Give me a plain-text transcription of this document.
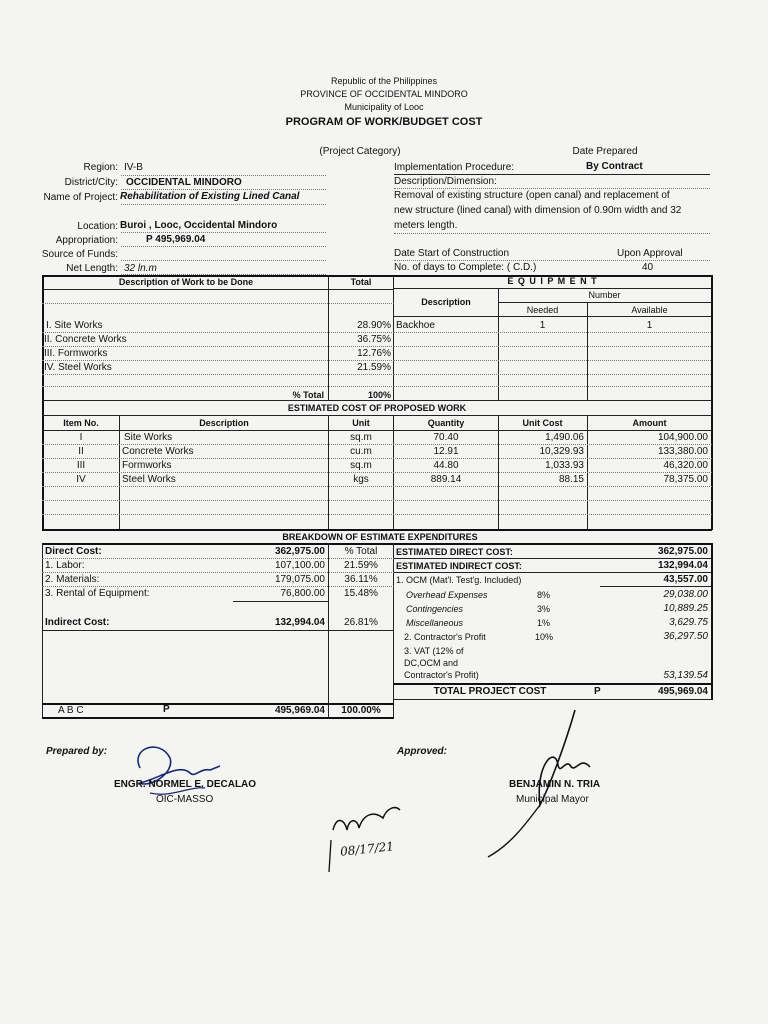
Republic of the Philippines
PROVINCE OF OCCIDENTAL MINDORO
Municipality of Looc
PROGRAM OF WORK/BUDGET COST
(Project Category)	Date Prepared
Region: IV-B
District/City: OCCIDENTAL MINDORO
Name of Project: Rehabilitation of Existing Lined Canal
Location: Buroi , Looc, Occidental Mindoro
Appropriation:	P 495,969.04
Source of Funds:
Net Length: 32 ln.m
Implementation Procedure:	By Contract
Description/Dimension:
Removal of existing structure (open canal) and replacement of
new structure (lined canal) with dimension of 0.90m width and 32
meters length.
Date Start of Construction	Upon Approval
No. of days to Complete: ( C.D.)	40
Description of Work to be Done	Total
I. Site Works	28.90%
II. Concrete Works	36.75%
III. Formworks	12.76%
IV. Steel Works	21.59%
% Total	100%
E Q U I P M E N T
Number
Description
Needed	Available
Backhoe	1	1
ESTIMATED COST OF PROPOSED WORK
Item No.	Description	Unit	Quantity	Unit Cost	Amount
I	Site Works	sq.m	70.40	1,490.06	104,900.00
II	Concrete Works	cu.m	12.91	10,329.93	133,380.00
III	Formworks	sq.m	44.80	1,033.93	46,320.00
IV	Steel Works	kgs	889.14	88.15	78,375.00
BREAKDOWN OF ESTIMATE EXPENDITURES
Direct Cost:	362,975.00	% Total
1. Labor:	107,100.00	21.59%
2. Materials:	179,075.00	36.11%
3. Rental of Equipment:	76,800.00	15.48%
Indirect Cost:	132,994.04	26.81%
ESTIMATED DIRECT COST:	362,975.00
ESTIMATED INDIRECT COST:	132,994.04
1. OCM (Mat'l. Test'g. Included)	43,557.00
Overhead Expenses	8%	29,038.00
Contingencies	3%	10,889.25
Miscellaneous	1%	3,629.75
2. Contractor's Profit	10%	36,297.50
3. VAT (12% of
DC,OCM and
Contractor's Profit)	53,139.54
TOTAL PROJECT COST	P	495,969.04
A B C	P	495,969.04	100.00%
Prepared by:	Approved:
ENGR. NORMEL E. DECALAO
OIC-MASSO
BENJAMIN N. TRIA
Municipal Mayor
08/17/21
